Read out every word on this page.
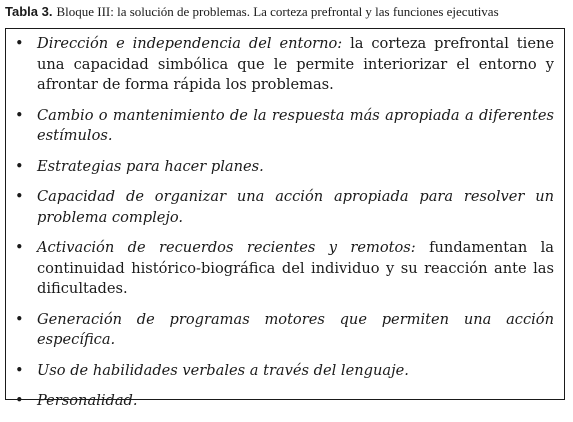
Tabla 3. Bloque III: la solución de problemas. La corteza prefrontal y las funciones ejecutivas
• Dirección e independencia del entorno: la corteza prefrontal tiene una capacidad simbólica que le permite interiorizar el entorno y afrontar de forma rápida los problemas.
• Cambio o mantenimiento de la respuesta más apropiada a diferentes estímulos.
• Estrategias para hacer planes.
• Capacidad de organizar una acción apropiada para resolver un problema complejo.
• Activación de recuerdos recientes y remotos: fundamentan la continuidad histórico-biográfica del individuo y su reacción ante las dificultades.
• Generación de programas motores que permiten una acción específica.
• Uso de habilidades verbales a través del lenguaje.
• Personalidad.
